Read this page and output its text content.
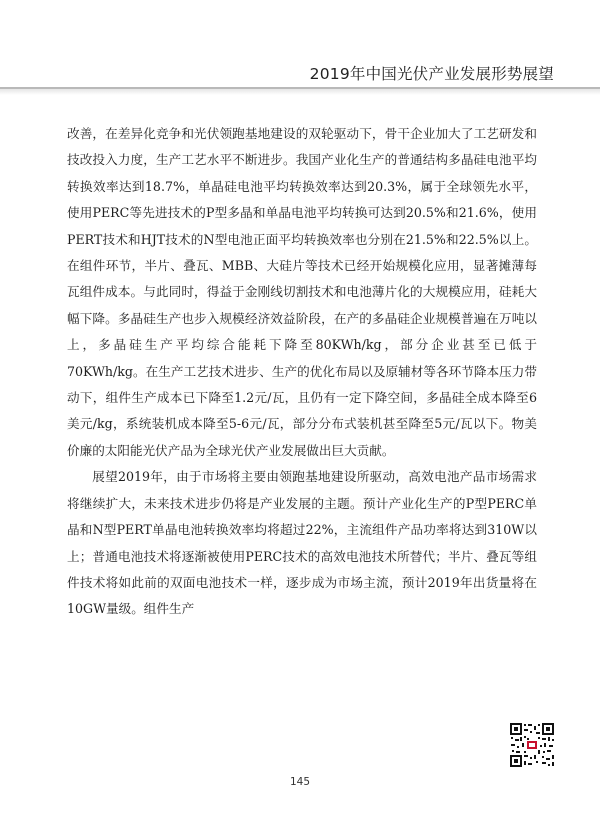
2019年中国光伏产业发展形势展望

改善，在差异化竞争和光伏领跑基地建设的双轮驱动下，骨干企业加大了工艺研发和技改投入力度，生产工艺水平不断进步。我国产业化生产的普通结构多晶硅电池平均转换效率达到18.7%，单晶硅电池平均转换效率达到20.3%，属于全球领先水平，使用PERC等先进技术的P型多晶和单晶电池平均转换可达到20.5%和21.6%，使用PERT技术和HJT技术的N型电池正面平均转换效率也分别在21.5%和22.5%以上。在组件环节，半片、叠瓦、MBB、大硅片等技术已经开始规模化应用，显著摊薄每瓦组件成本。与此同时，得益于金刚线切割技术和电池薄片化的大规模应用，硅耗大幅下降。多晶硅生产也步入规模经济效益阶段，在产的多晶硅企业规模普遍在万吨以上，多晶硅生产平均综合能耗下降至80KWh/kg，部分企业甚至已低于70KWh/kg。在生产工艺技术进步、生产的优化布局以及原辅材等各环节降本压力带动下，组件生产成本已下降至1.2元/瓦，且仍有一定下降空间，多晶硅全成本降至6美元/kg，系统装机成本降至5-6元/瓦，部分分布式装机甚至降至5元/瓦以下。物美价廉的太阳能光伏产品为全球光伏产业发展做出巨大贡献。

展望2019年，由于市场将主要由领跑基地建设所驱动，高效电池产品市场需求将继续扩大，未来技术进步仍将是产业发展的主题。预计产业化生产的P型PERC单晶和N型PERT单晶电池转换效率均将超过22%，主流组件产品功率将达到310W以上；普通电池技术将逐渐被使用PERC技术的高效电池技术所替代；半片、叠瓦等组件技术将如此前的双面电池技术一样，逐步成为市场主流，预计2019年出货量将在10GW量级。组件生产

145
